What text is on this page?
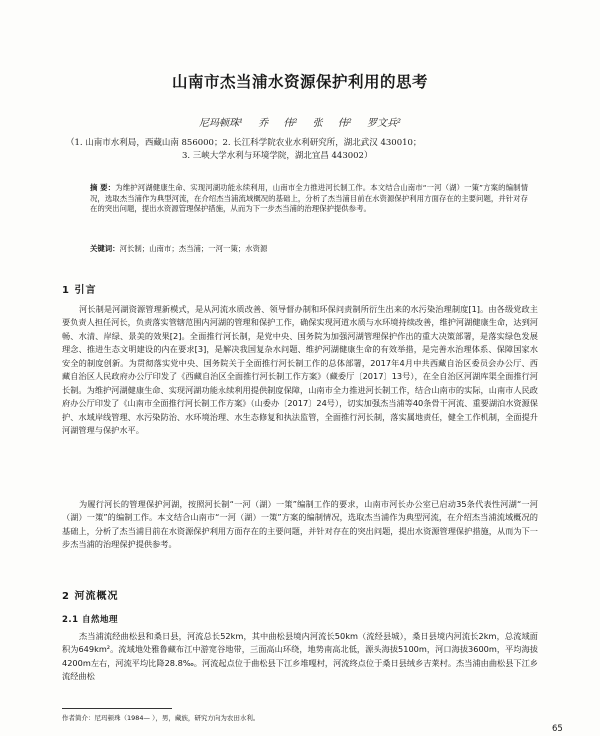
山南市杰当浦水资源保护利用的思考
尼玛顿珠¹ 乔 伟² 张 伟² 罗文兵²
（1. 山南市水利局，西藏山南 856000；2. 长江科学院农业水利研究所，湖北武汉 430010；
3. 三峡大学水利与环境学院，湖北宜昌 443002）
摘 要：为维护河湖健康生命、实现河湖功能永续利用，山南市全力推进河长制工作。本文结合山南市“一河（湖）一策”方案的编制情况，选取杰当浦作为典型河流，在介绍杰当浦流域概况的基础上，分析了杰当浦目前在水资源保护利用方面存在的主要问题，并针对存在的突出问题，提出水资源管理保护措施，从而为下一步杰当浦的治理保护提供参考。
关键词：河长制；山南市；杰当浦；一河一策；水资源
1 引言
河长制是河湖资源管理新模式，是从河流水质改善、领导督办制和环保问责制所衍生出来的水污染治理制度[1]。由各级党政主要负责人担任河长，负责落实管辖范围内河湖的管理和保护工作，确保实现河道水质与水环境持续改善，维护河湖健康生命，达到河畅、水清、岸绿、景美的效果[2]。全面推行河长制，是党中央、国务院为加强河湖管理保护作出的重大决策部署，是落实绿色发展理念、推进生态文明建设的内在要求[3]，是解决我国复杂水问题、维护河湖健康生命的有效举措，是完善水治理体系、保障国家水安全的制度创新。为贯彻落实党中央、国务院关于全面推行河长制工作的总体部署，2017年4月中共西藏自治区委员会办公厅、西藏自治区人民政府办公厅印发了《西藏自治区全面推行河长制工作方案》（藏委厅〔2017〕13号），在全自治区河湖库渠全面推行河长制。为维护河湖健康生命、实现河湖功能永续利用提供制度保障，山南市全力推进河长制工作，结合山南市的实际，山南市人民政府办公厅印发了《山南市全面推行河长制工作方案》（山委办〔2017〕24号），切实加强杰当浦等40条骨干河流、重要湖泊水资源保护、水域岸线管理、水污染防治、水环境治理、水生态修复和执法监管，全面推行河长制，落实属地责任，健全工作机制，全面提升河湖管理与保护水平。
为履行河长的管理保护河湖，按照河长制“一河（湖）一策”编制工作的要求，山南市河长办公室已启动35条代表性河湖“一河（湖）一策”的编制工作。本文结合山南市“一河（湖）一策”方案的编制情况，选取杰当浦作为典型河流，在介绍杰当浦流域概况的基础上，分析了杰当浦目前在水资源保护利用方面存在的主要问题，并针对存在的突出问题，提出水资源管理保护措施，从而为下一步杰当浦的治理保护提供参考。
2 河流概况
2.1 自然地理
杰当浦流经曲松县和桑日县，河流总长52km，其中曲松县境内河流长50km（流经县城），桑日县境内河流长2km，总流域面积为649km²。流域地处雅鲁藏布江中游宽谷地带，三面高山环绕，地势南高北低，源头海拔5100m，河口海拔3600m，平均海拔4200m左右，河流平均比降28.8‰。河流起点位于曲松县下江乡堆嘎村，河流终点位于桑日县绒乡吉莱村。杰当浦由曲松县下江乡流经曲松
作者简介：尼玛顿珠（1984— ），男，藏族，研究方向为农田水利。
65
